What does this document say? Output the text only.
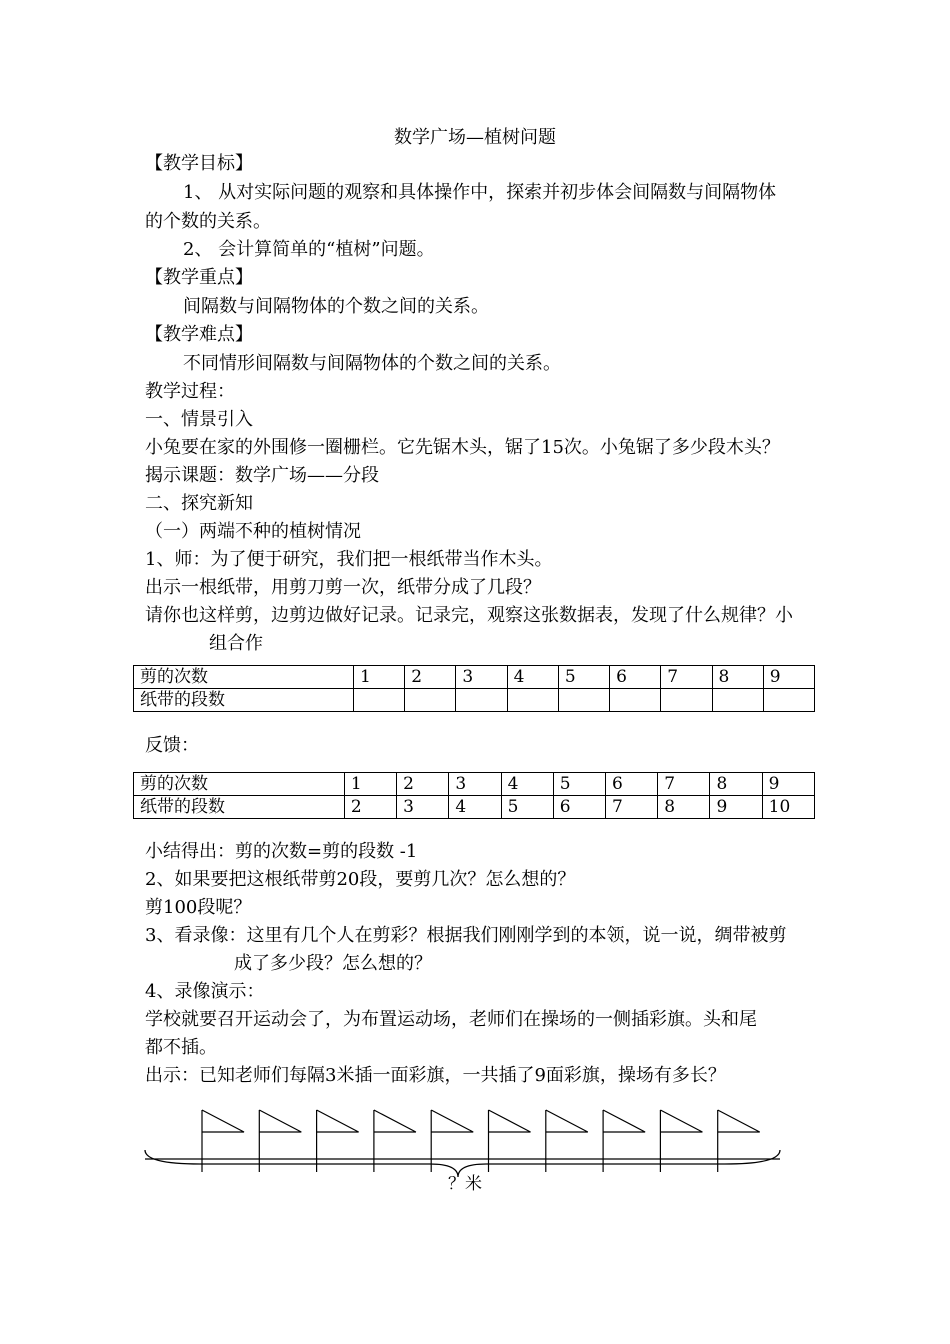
数学广场—植树问题
【教学目标】
1、 从对实际问题的观察和具体操作中，探索并初步体会间隔数与间隔物体
的个数的关系。
2、 会计算简单的“植树”问题。
【教学重点】
间隔数与间隔物体的个数之间的关系。
【教学难点】
不同情形间隔数与间隔物体的个数之间的关系。
教学过程：
一、情景引入
小兔要在家的外围修一圈栅栏。它先锯木头，锯了15次。小兔锯了多少段木头？
揭示课题：数学广场——分段
二、探究新知
（一）两端不种的植树情况
1、师：为了便于研究，我们把一根纸带当作木头。
出示一根纸带，用剪刀剪一次，纸带分成了几段？
请你也这样剪，边剪边做好记录。记录完，观察这张数据表，发现了什么规律？小
组合作
剪的次数	1	2	3	4	5	6	7	8	9
纸带的段数									
反馈：
剪的次数	1	2	3	4	5	6	7	8	9
纸带的段数	2	3	4	5	6	7	8	9	10
小结得出：剪的次数=剪的段数 -1
2、如果要把这根纸带剪20段，要剪几次？怎么想的？
剪100段呢？
3、看录像：这里有几个人在剪彩？根据我们刚刚学到的本领，说一说，绸带被剪
成了多少段？怎么想的？
4、录像演示：
学校就要召开运动会了，为布置运动场，老师们在操场的一侧插彩旗。头和尾
都不插。
出示：已知老师们每隔3米插一面彩旗，一共插了9面彩旗，操场有多长？
？米
